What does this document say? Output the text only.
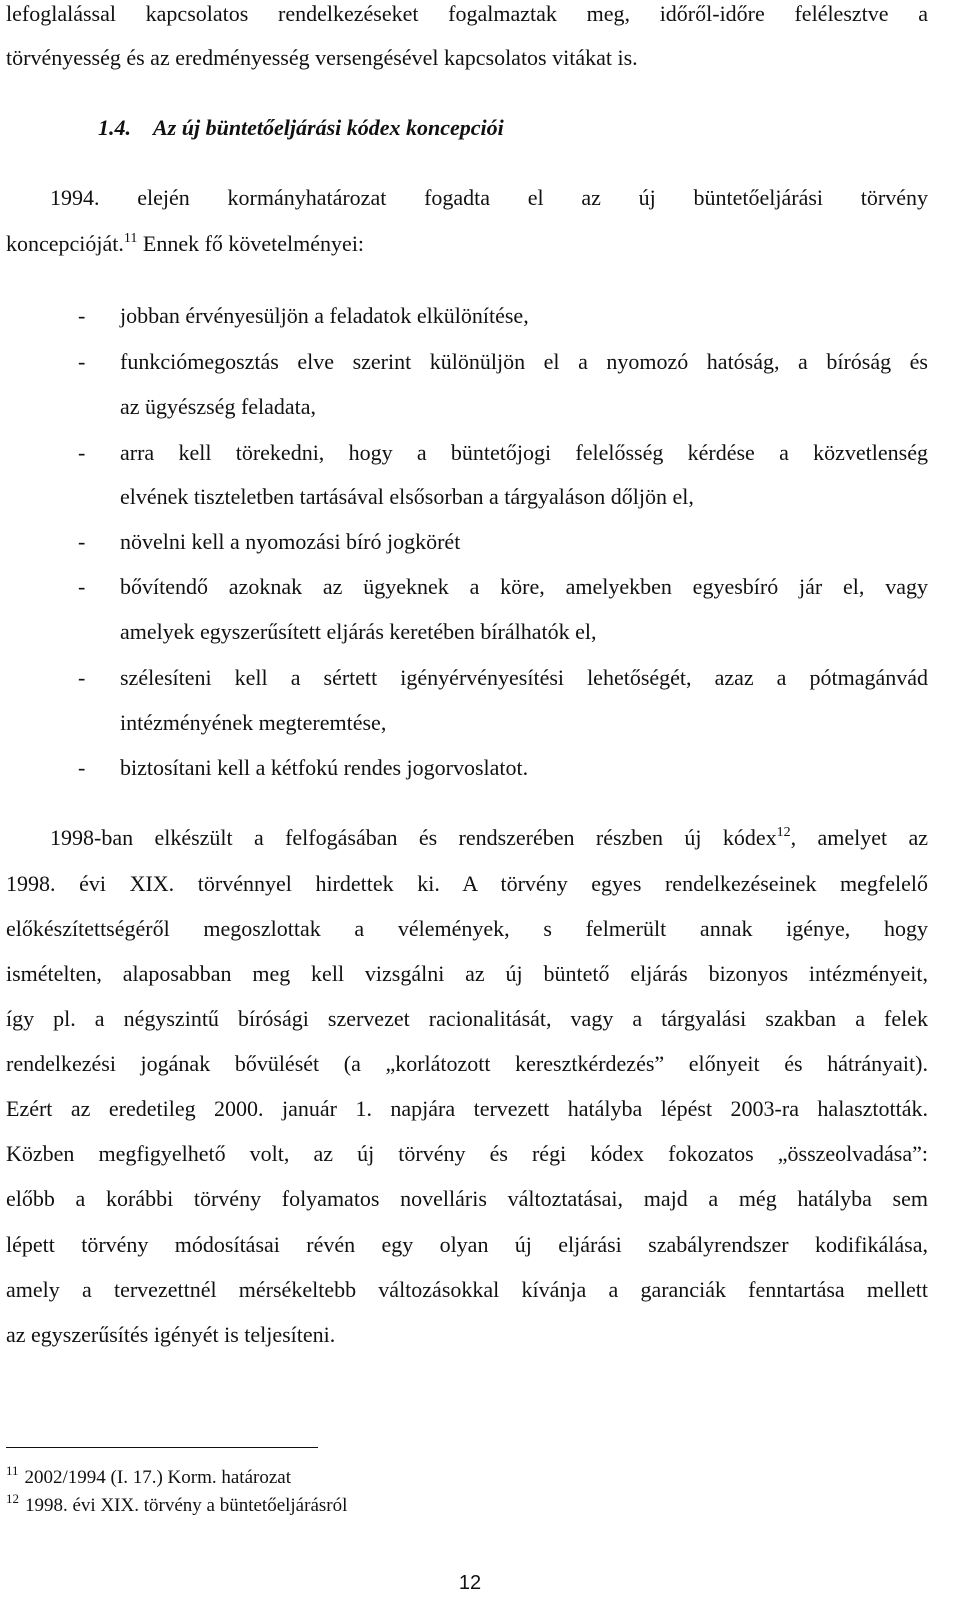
lefoglalással kapcsolatos rendelkezéseket fogalmaztak meg, időről-időre felélesztve a
törvényesség és az eredményesség versengésével kapcsolatos vitákat is.
1.4. Az új büntetőeljárási kódex koncepciói
1994. elején kormányhatározat fogadta el az új büntetőeljárási törvény
koncepcióját.$^{11}$ Ennek fő követelményei:
- jobban érvényesüljön a feladatok elkülönítése,
- funkciómegosztás elve szerint különüljön el a nyomozó hatóság, a bíróság és
az ügyészség feladata,
- arra kell törekedni, hogy a büntetőjogi felelősség kérdése a közvetlenség
elvének tiszteletben tartásával elsősorban a tárgyaláson dőljön el,
- növelni kell a nyomozási bíró jogkörét
- bővítendő azoknak az ügyeknek a köre, amelyekben egyesbíró jár el, vagy
amelyek egyszerűsített eljárás keretében bírálhatók el,
- szélesíteni kell a sértett igényérvényesítési lehetőségét, azaz a pótmagánvád
intézményének megteremtése,
- biztosítani kell a kétfokú rendes jogorvoslatot.
1998-ban elkészült a felfogásában és rendszerében részben új kódex$^{12}$, amelyet az
1998. évi XIX. törvénnyel hirdettek ki. A törvény egyes rendelkezéseinek megfelelő
előkészítettségéről megoszlottak a vélemények, s felmerült annak igénye, hogy
ismételten, alaposabban meg kell vizsgálni az új büntető eljárás bizonyos intézményeit,
így pl. a négyszintű bírósági szervezet racionalitását, vagy a tárgyalási szakban a felek
rendelkezési jogának bővülését (a „korlátozott keresztkérdezés” előnyeit és hátrányait).
Ezért az eredetileg 2000. január 1. napjára tervezett hatályba lépést 2003-ra halasztották.
Közben megfigyelhető volt, az új törvény és régi kódex fokozatos „összeolvadása”:
előbb a korábbi törvény folyamatos novelláris változtatásai, majd a még hatályba sem
lépett törvény módosításai révén egy olyan új eljárási szabályrendszer kodifikálása,
amely a tervezettnél mérsékeltebb változásokkal kívánja a garanciák fenntartása mellett
az egyszerűsítés igényét is teljesíteni.
$^{11}$ 2002/1994 (I. 17.) Korm. határozat
$^{12}$ 1998. évi XIX. törvény a büntetőeljárásról
12
